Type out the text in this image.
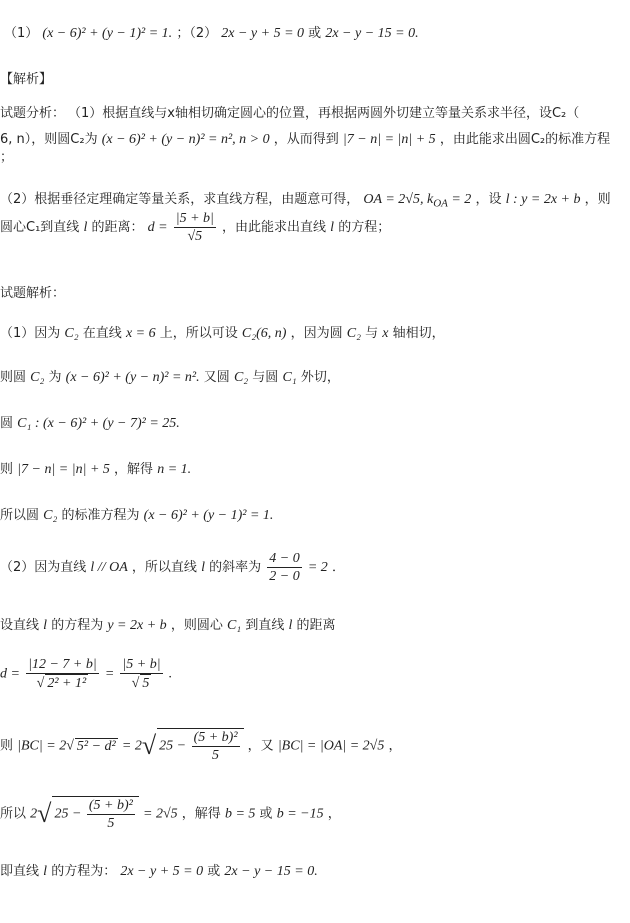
（1） (x − 6)² + (y − 1)² = 1. ；（2） 2x − y + 5 = 0 或 2x − y − 15 = 0.
【解析】
试题分析： （1）根据直线与x轴相切确定圆心的位置，再根据两圆外切建立等量关系求半径，设C₂（
6, n），则圆C₂为 (x − 6)² + (y − n)² = n², n > 0 ，从而得到 |7 − n| = |n| + 5 ，由此能求出圆C₂的标准方程
；
（2）根据垂径定理确定等量关系，求直线方程，由题意可得， OA = 2√5, $k_{OA} = 2$ ，设 l : y = 2x + b ，则
圆心C₁到直线 l 的距离： $d = \frac{|5 + b|}{√5}$ ，由此能求出直线 l 的方程；
试题解析：
（1）因为 C₂ 在直线 x = 6 上，所以可设 C₂(6, n) ，因为圆 C₂ 与 x 轴相切，
则圆 C₂ 为 (x − 6)² + (y − n)² = n². 又圆 C₂ 与圆 C₁ 外切，
圆 C₁ : (x − 6)² + (y − 7)² = 25.
则 |7 − n| = |n| + 5 ，解得 n = 1.
所以圆 C₂ 的标准方程为 (x − 6)² + (y − 1)² = 1.
（2）因为直线 l // OA ，所以直线 l 的斜率为 $\frac{4 - 0}{2 - 0} = 2$ ．
设直线 l 的方程为 y = 2x + b ，则圆心 C₁ 到直线 l 的距离
$d = \frac{|12 - 7 + b|}{\text{√ 2² + 1²}} = \frac{|5 + b|}{√ 5}$ .
则 |BC| = 2√ 5² − d² = 2√ $25 - \frac{\text{(5 + b)²}}{5}$ ，又 |BC| = |OA| = 2√5 ，
所以 2√ $25 - \frac{\text{(5 + b)²}}{5} = 2√5$ ，解得 b = 5 或 b = −15 ，
即直线 l 的方程为： 2x − y + 5 = 0 或 2x − y − 15 = 0.
